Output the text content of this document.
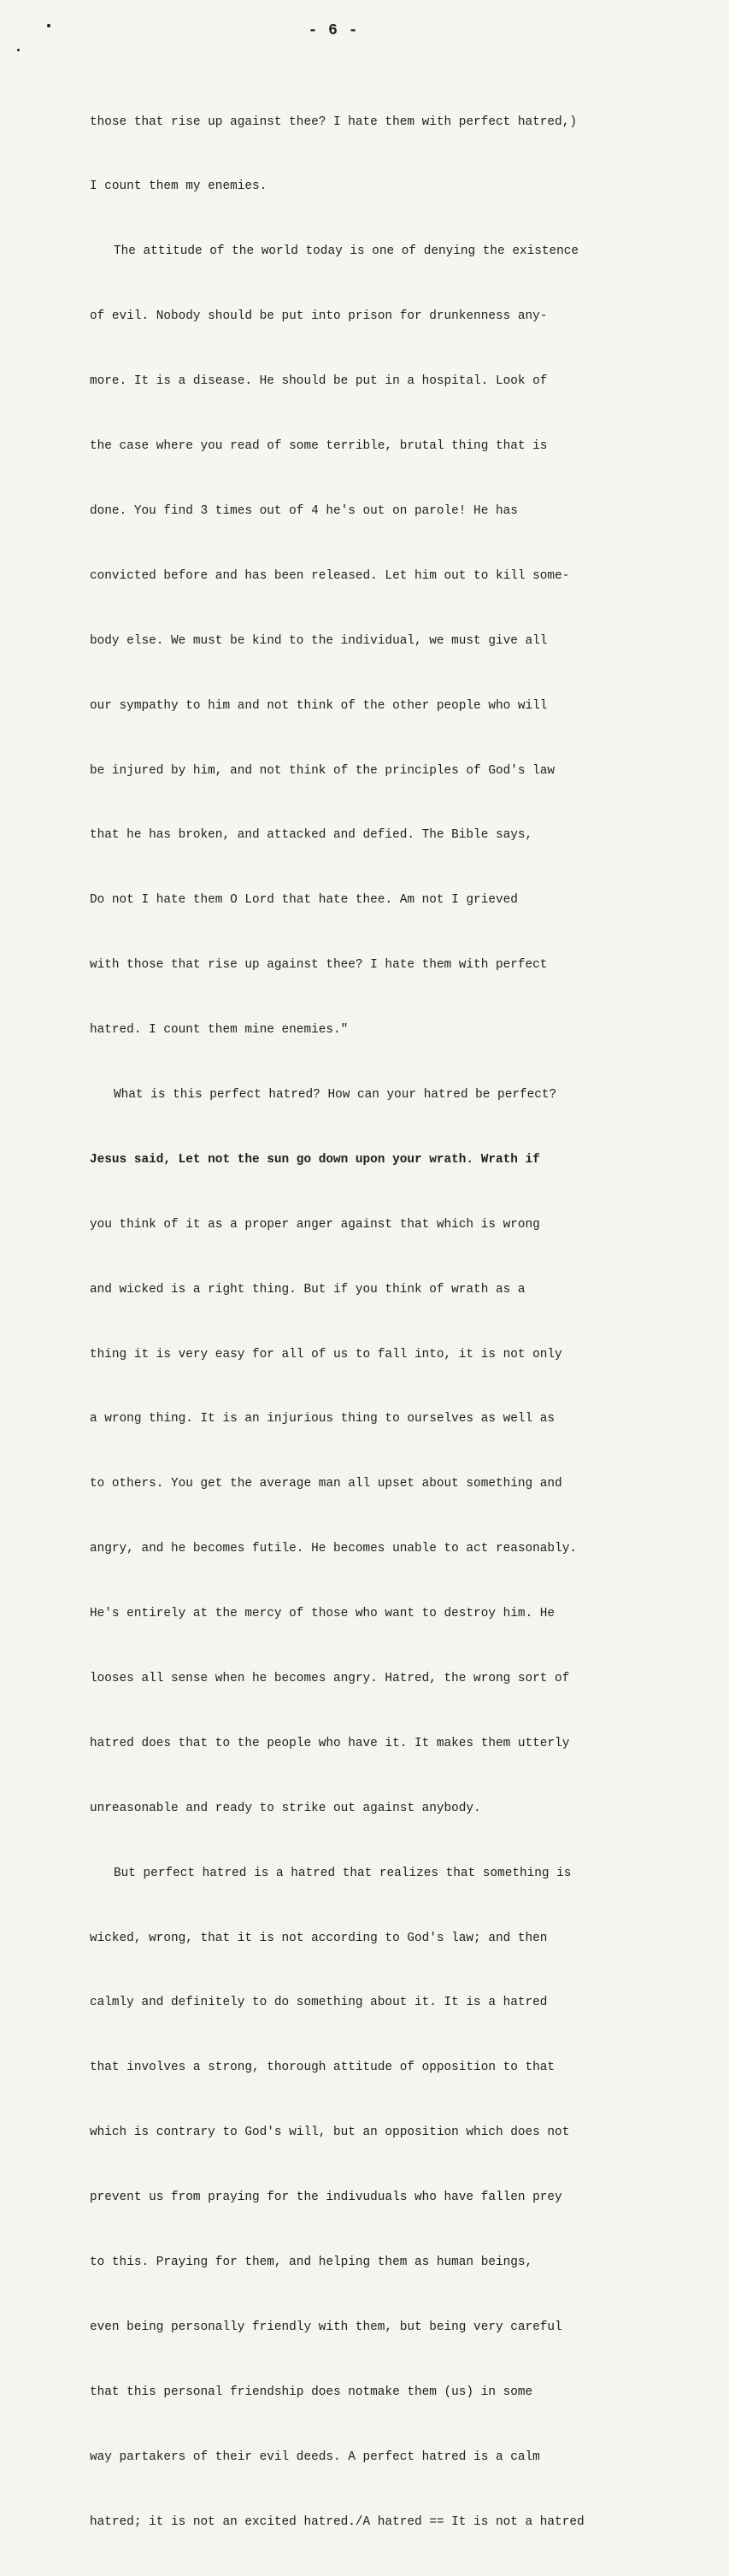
- 6 -

those that rise up against thee? I hate them with perfect hatred,)

I count them my enemies.

The attitude of the world today is one of denying the existence

of evil. Nobody should be put into prison for drunkenness any-

more. It is a disease. He should be put in a hospital. Look of

the case where you read of some terrible, brutal thing that is

done. You find 3 times out of 4 he's out on parole! He has

convicted before and has been released. Let him out to kill some-

body else. We must be kind to the individual, we must give all

our sympathy to him and not think of the other people who will

be injured by him, and not think of the principles of God's law

that he has broken, and attacked and defied. The Bible says,

Do not I hate them O Lord that hate thee. Am not I grieved

with those that rise up against thee? I hate them with perfect

hatred. I count them mine enemies."

What is this perfect hatred? How can your hatred be perfect?

Jesus said, Let not the sun go down upon your wrath. Wrath if

you think of it as a proper anger against that which is wrong

and wicked is a right thing. But if you think of wrath as a

thing it is very easy for all of us to fall into, it is not only

a wrong thing. It is an injurious thing to ourselves as well as

to others. You get the average man all upset about something and

angry, and he becomes futile. He becomes unable to act reasonably.

He's entirely at the mercy of those who want to destroy him. He

looses all sense when he becomes angry. Hatred, the wrong sort of

hatred does that to the people who have it. It makes them utterly

unreasonable and ready to strike out against anybody.

But perfect hatred is a hatred that realizes that something is

wicked, wrong, that it is not according to God's law; and then

calmly and definitely to do something about it. It is a hatred

that involves a strong, thorough attitude of opposition to that

which is contrary to God's will, but an opposition which does not

prevent us from praying for the indivuduals who have fallen prey

to this. Praying for them, and helping them as human beings,

even being personally friendly with them, but being very careful

that this personal friendship does notmake them (us) in some

way partakers of their evil deeds. A perfect hatred is a calm

hatred; it is not an excited hatred./A hatred == It is not a hatred
